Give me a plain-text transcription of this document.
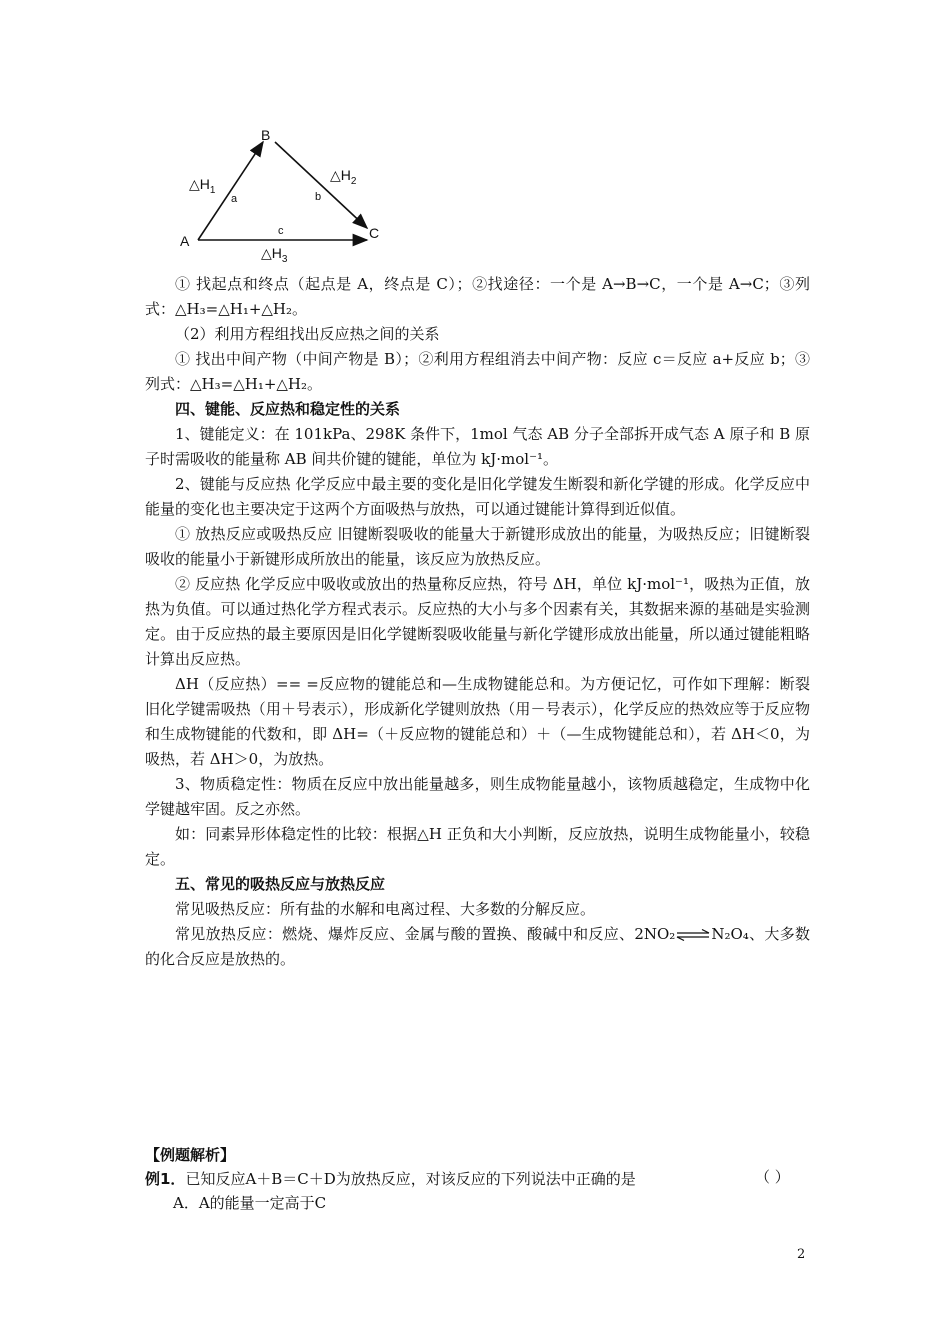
A
B
C
a	b
c
$\triangle H_1$
$\triangle H_2$
$\triangle H_3$

① 找起点和终点（起点是 A，终点是 C）；②找途径：一个是 A→B→C，一个是 A→C；③列式：△H₃=△H₁+△H₂。

（2）利用方程组找出反应热之间的关系

① 找出中间产物（中间产物是 B）；②利用方程组消去中间产物：反应 c＝反应 a+反应 b；③列式：△H₃=△H₁+△H₂。

四、键能、反应热和稳定性的关系

1、键能定义：在 101kPa、298K 条件下，1mol 气态 AB 分子全部拆开成气态 A 原子和 B 原子时需吸收的能量称 AB 间共价键的键能，单位为 kJ·mol⁻¹。

2、键能与反应热 化学反应中最主要的变化是旧化学键发生断裂和新化学键的形成。化学反应中能量的变化也主要决定于这两个方面吸热与放热，可以通过键能计算得到近似值。

① 放热反应或吸热反应 旧键断裂吸收的能量大于新键形成放出的能量，为吸热反应；旧键断裂吸收的能量小于新键形成所放出的能量，该反应为放热反应。

② 反应热 化学反应中吸收或放出的热量称反应热，符号 ΔH，单位 kJ·mol⁻¹，吸热为正值，放热为负值。可以通过热化学方程式表示。反应热的大小与多个因素有关，其数据来源的基础是实验测定。由于反应热的最主要原因是旧化学键断裂吸收能量与新化学键形成放出能量，所以通过键能粗略计算出反应热。

ΔH（反应热）== =反应物的键能总和—生成物键能总和。为方便记忆，可作如下理解：断裂旧化学键需吸热（用＋号表示），形成新化学键则放热（用－号表示），化学反应的热效应等于反应物和生成物键能的代数和，即 ΔH=（＋反应物的键能总和）＋（—生成物键能总和），若 ΔH＜0，为吸热，若 ΔH＞0，为放热。

3、物质稳定性：物质在反应中放出能量越多，则生成物能量越小，该物质越稳定，生成物中化学键越牢固。反之亦然。

如：同素异形体稳定性的比较：根据△H 正负和大小判断，反应放热，说明生成物能量小，较稳定。

五、常见的吸热反应与放热反应

常见吸热反应：所有盐的水解和电离过程、大多数的分解反应。

常见放热反应：燃烧、爆炸反应、金属与酸的置换、酸碱中和反应、2NO₂⇌N₂O₄、大多数的化合反应是放热的。

【例题解析】

例1．已知反应A＋B＝C＋D为放热反应，对该反应的下列说法中正确的是

A．A的能量一定高于C

（ ）
2
